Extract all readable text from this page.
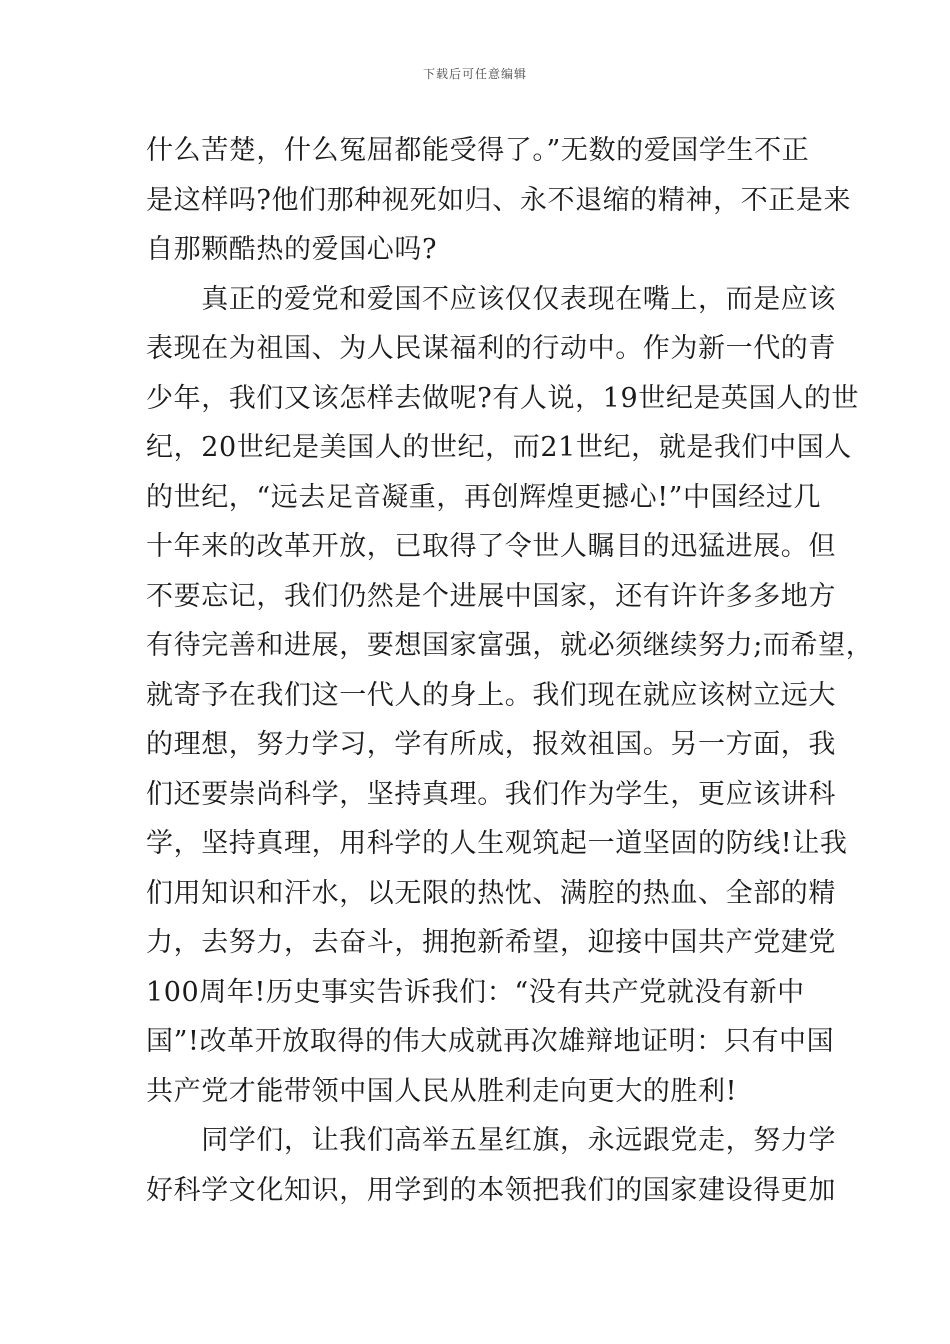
下载后可任意编辑
什么苦楚，什么冤屈都能受得了。”无数的爱国学生不正
是这样吗?他们那种视死如归、永不退缩的精神，不正是来
自那颗酷热的爱国心吗?
　　真正的爱党和爱国不应该仅仅表现在嘴上，而是应该
表现在为祖国、为人民谋福利的行动中。作为新一代的青
少年，我们又该怎样去做呢?有人说，19世纪是英国人的世
纪，20世纪是美国人的世纪，而21世纪，就是我们中国人
的世纪，“远去足音凝重，再创辉煌更撼心!”中国经过几
十年来的改革开放，已取得了令世人瞩目的迅猛进展。但
不要忘记，我们仍然是个进展中国家，还有许许多多地方
有待完善和进展，要想国家富强，就必须继续努力;而希望，
就寄予在我们这一代人的身上。我们现在就应该树立远大
的理想，努力学习，学有所成，报效祖国。另一方面，我
们还要崇尚科学，坚持真理。我们作为学生，更应该讲科
学，坚持真理，用科学的人生观筑起一道坚固的防线!让我
们用知识和汗水，以无限的热忱、满腔的热血、全部的精
力，去努力，去奋斗，拥抱新希望，迎接中国共产党建党
100周年!历史事实告诉我们：“没有共产党就没有新中
国”!改革开放取得的伟大成就再次雄辩地证明：只有中国
共产党才能带领中国人民从胜利走向更大的胜利!
　　同学们，让我们高举五星红旗，永远跟党走，努力学
好科学文化知识，用学到的本领把我们的国家建设得更加
